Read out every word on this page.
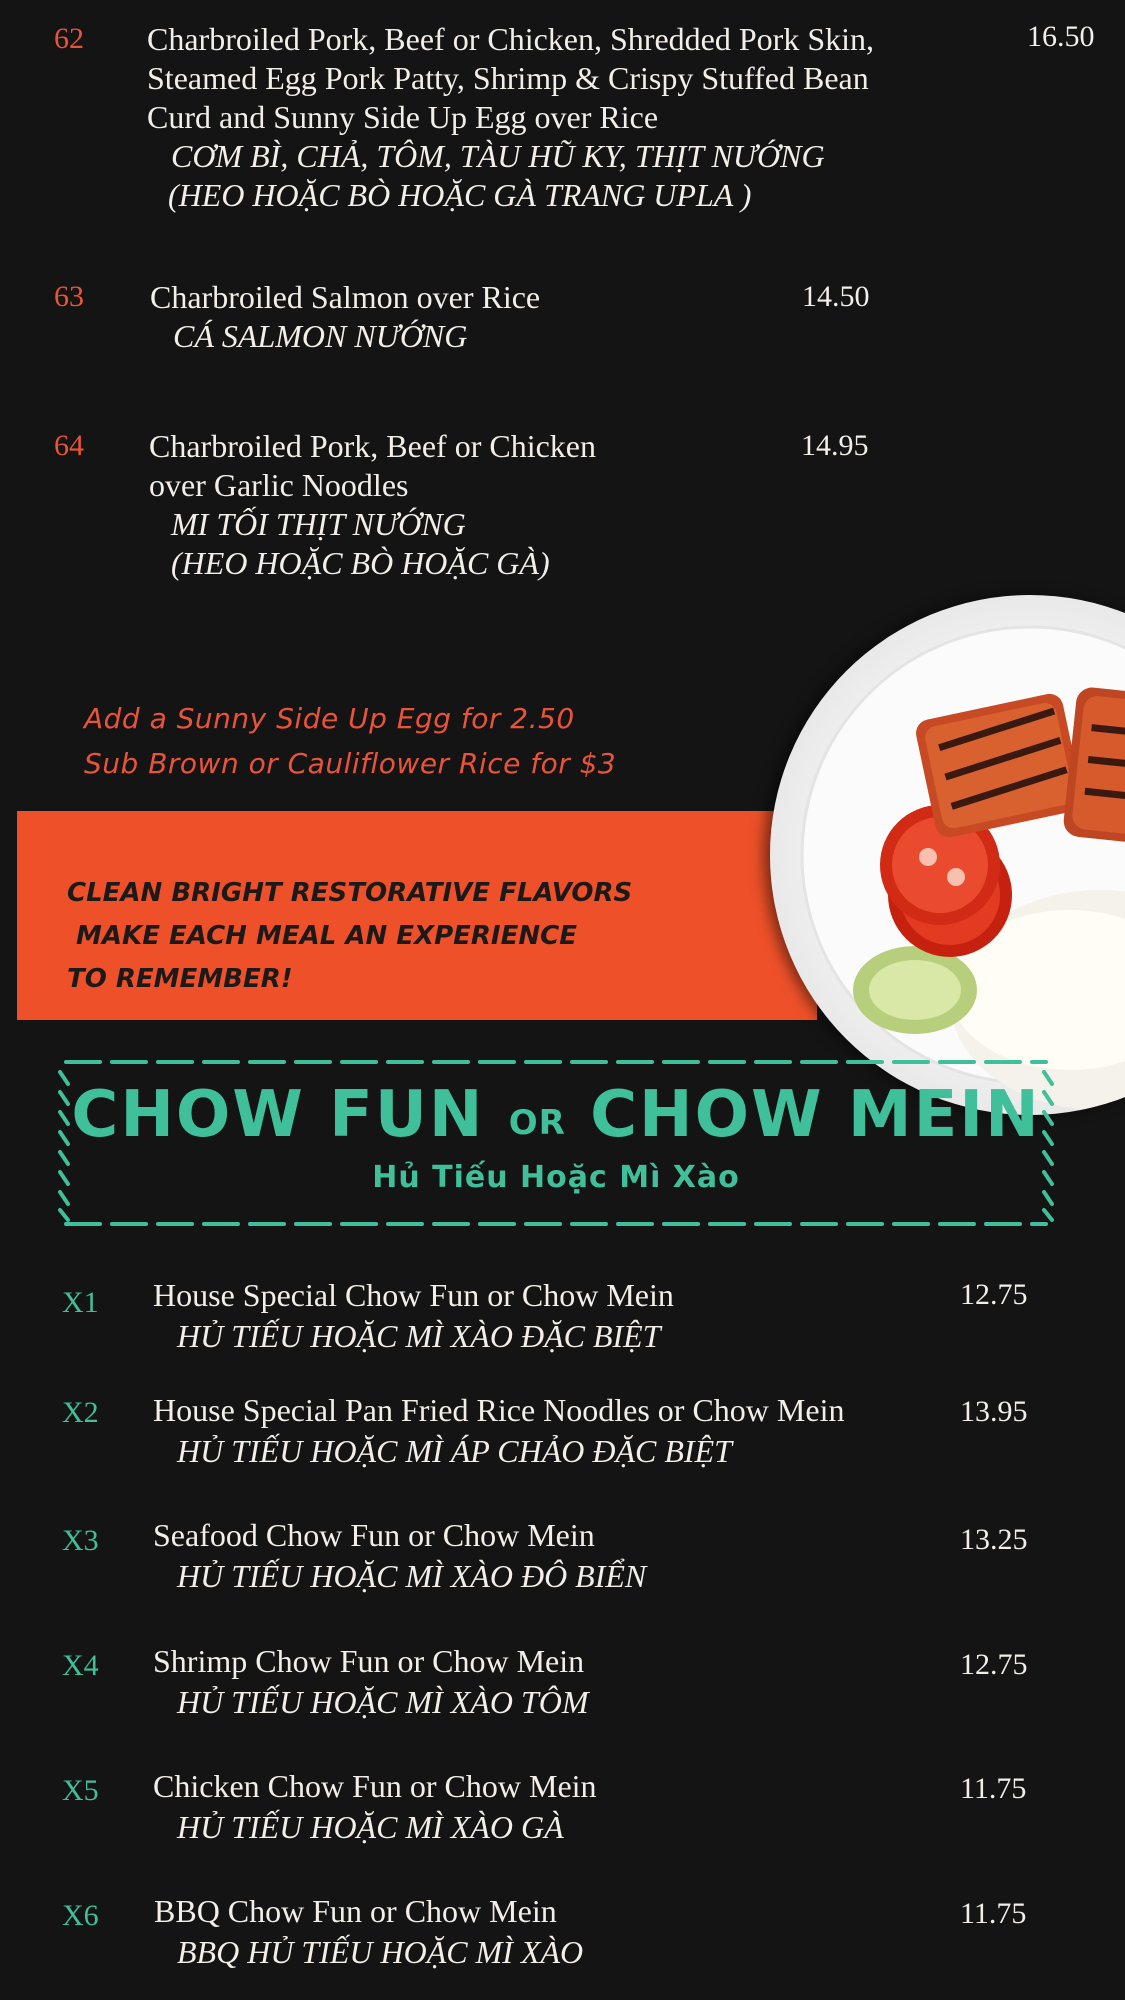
62 Charbroiled Pork, Beef or Chicken, Shredded Pork Skin,
Steamed Egg Pork Patty, Shrimp & Crispy Stuffed Bean
Curd and Sunny Side Up Egg over Rice
CƠM BÌ, CHẢ, TÔM, TÀU HŨ KY, THỊT NƯỚNG
(HEO HOẶC BÒ HOẶC GÀ TRANG UPLA )
16.50
63 Charbroiled Salmon over Rice
CÁ SALMON NƯỚNG
14.50
64 Charbroiled Pork, Beef or Chicken
over Garlic Noodles
MI TỐI THỊT NƯỚNG
(HEO HOẶC BÒ HOẶC GÀ)
14.95
Add a Sunny Side Up Egg for 2.50
Sub Brown or Cauliflower Rice for $3
CLEAN BRIGHT RESTORATIVE FLAVORS
MAKE EACH MEAL AN EXPERIENCE
TO REMEMBER!
CHOW FUN OR CHOW MEIN
Hủ Tiếu Hoặc Mì Xào
X1 House Special Chow Fun or Chow Mein
HỦ TIẾU HOẶC MÌ XÀO ĐẶC BIỆT
12.75
X2 House Special Pan Fried Rice Noodles or Chow Mein
HỦ TIẾU HOẶC MÌ ÁP CHẢO ĐẶC BIỆT
13.95
X3 Seafood Chow Fun or Chow Mein
HỦ TIẾU HOẶC MÌ XÀO ĐÔ BIỂN
13.25
X4 Shrimp Chow Fun or Chow Mein
HỦ TIẾU HOẶC MÌ XÀO TÔM
12.75
X5 Chicken Chow Fun or Chow Mein
HỦ TIẾU HOẶC MÌ XÀO GÀ
11.75
X6 BBQ Chow Fun or Chow Mein
BBQ HỦ TIẾU HOẶC MÌ XÀO
11.75
